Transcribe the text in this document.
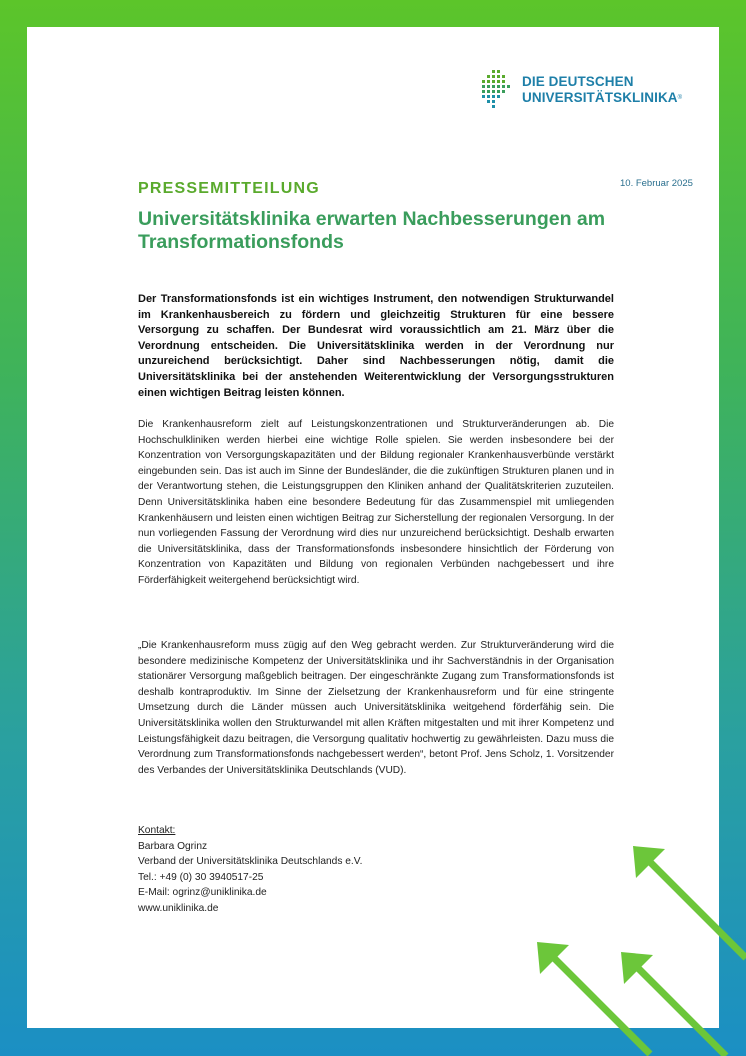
DIE DEUTSCHEN
UNIVERSITÄTSKLINIKA®
10. Februar 2025
PRESSEMITTEILUNG
Universitätsklinika erwarten Nachbesserungen am Transformationsfonds
Der Transformationsfonds ist ein wichtiges Instrument, den notwendigen Strukturwandel im Krankenhausbereich zu fördern und gleichzeitig Strukturen für eine bessere Versorgung zu schaffen. Der Bundesrat wird voraussichtlich am 21. März über die Verordnung entscheiden. Die Universitätsklinika werden in der Verordnung nur unzureichend berücksichtigt. Daher sind Nachbesserungen nötig, damit die Universitätsklinika bei der anstehenden Weiterentwicklung der Versorgungsstrukturen einen wichtigen Beitrag leisten können.
Die Krankenhausreform zielt auf Leistungskonzentrationen und Strukturveränderungen ab. Die Hochschulkliniken werden hierbei eine wichtige Rolle spielen. Sie werden insbesondere bei der Konzentration von Versorgungskapazitäten und der Bildung regionaler Krankenhausverbünde verstärkt eingebunden sein. Das ist auch im Sinne der Bundesländer, die die zukünftigen Strukturen planen und in der Verantwortung stehen, die Leistungsgruppen den Kliniken anhand der Qualitätskriterien zuzuteilen. Denn Universitätsklinika haben eine besondere Bedeutung für das Zusammenspiel mit umliegenden Krankenhäusern und leisten einen wichtigen Beitrag zur Sicherstellung der regionalen Versorgung. In der nun vorliegenden Fassung der Verordnung wird dies nur unzureichend berücksichtigt. Deshalb erwarten die Universitätsklinika, dass der Transformationsfonds insbesondere hinsichtlich der Förderung von Konzentration von Kapazitäten und Bildung von regionalen Verbünden nachgebessert und ihre Förderfähigkeit weitergehend berücksichtigt wird.
„Die Krankenhausreform muss zügig auf den Weg gebracht werden. Zur Strukturveränderung wird die besondere medizinische Kompetenz der Universitätsklinika und ihr Sachverständnis in der Organisation stationärer Versorgung maßgeblich beitragen. Der eingeschränkte Zugang zum Transformationsfonds ist deshalb kontraproduktiv. Im Sinne der Zielsetzung der Krankenhausreform und für eine stringente Umsetzung durch die Länder müssen auch Universitätsklinika weitgehend förderfähig sein. Die Universitätsklinika wollen den Strukturwandel mit allen Kräften mitgestalten und mit ihrer Kompetenz und Leistungsfähigkeit dazu beitragen, die Versorgung qualitativ hochwertig zu gewährleisten. Dazu muss die Verordnung zum Transformationsfonds nachgebessert werden“, betont Prof. Jens Scholz, 1. Vorsitzender des Verbandes der Universitätsklinika Deutschlands (VUD).
Kontakt:
Barbara Ogrinz
Verband der Universitätsklinika Deutschlands e.V.
Tel.: +49 (0) 30 3940517-25
E-Mail: ogrinz@uniklinika.de
www.uniklinika.de
